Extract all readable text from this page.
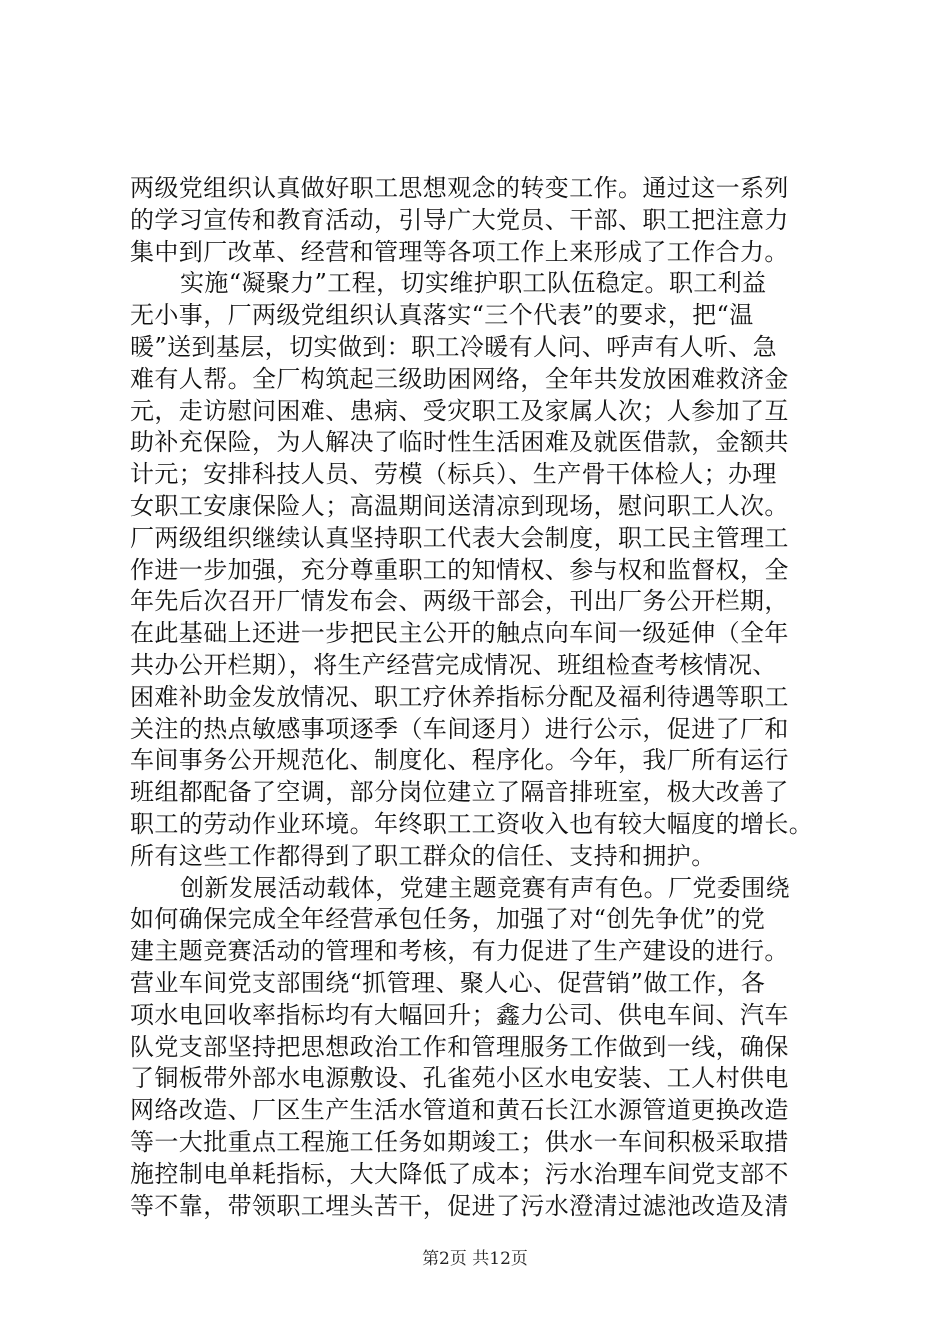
两级党组织认真做好职工思想观念的转变工作。通过这一系列
的学习宣传和教育活动，引导广大党员、干部、职工把注意力
集中到厂改革、经营和管理等各项工作上来形成了工作合力。
实施“凝聚力”工程，切实维护职工队伍稳定。职工利益
无小事，厂两级党组织认真落实“三个代表”的要求，把“温
暖”送到基层，切实做到：职工冷暖有人问、呼声有人听、急
难有人帮。全厂构筑起三级助困网络，全年共发放困难救济金
元，走访慰问困难、患病、受灾职工及家属人次；人参加了互
助补充保险，为人解决了临时性生活困难及就医借款，金额共
计元；安排科技人员、劳模（标兵）、生产骨干体检人；办理
女职工安康保险人；高温期间送清凉到现场，慰问职工人次。
厂两级组织继续认真坚持职工代表大会制度，职工民主管理工
作进一步加强，充分尊重职工的知情权、参与权和监督权，全
年先后次召开厂情发布会、两级干部会，刊出厂务公开栏期，
在此基础上还进一步把民主公开的触点向车间一级延伸（全年
共办公开栏期），将生产经营完成情况、班组检查考核情况、
困难补助金发放情况、职工疗休养指标分配及福利待遇等职工
关注的热点敏感事项逐季（车间逐月）进行公示，促进了厂和
车间事务公开规范化、制度化、程序化。今年，我厂所有运行
班组都配备了空调，部分岗位建立了隔音排班室，极大改善了
职工的劳动作业环境。年终职工工资收入也有较大幅度的增长。
所有这些工作都得到了职工群众的信任、支持和拥护。
创新发展活动载体，党建主题竞赛有声有色。厂党委围绕
如何确保完成全年经营承包任务，加强了对“创先争优”的党
建主题竞赛活动的管理和考核，有力促进了生产建设的进行。
营业车间党支部围绕“抓管理、聚人心、促营销”做工作，各
项水电回收率指标均有大幅回升；鑫力公司、供电车间、汽车
队党支部坚持把思想政治工作和管理服务工作做到一线，确保
了铜板带外部水电源敷设、孔雀苑小区水电安装、工人村供电
网络改造、厂区生产生活水管道和黄石长江水源管道更换改造
等一大批重点工程施工任务如期竣工；供水一车间积极采取措
施控制电单耗指标，大大降低了成本；污水治理车间党支部不
等不靠，带领职工埋头苦干，促进了污水澄清过滤池改造及清
第2页 共12页
